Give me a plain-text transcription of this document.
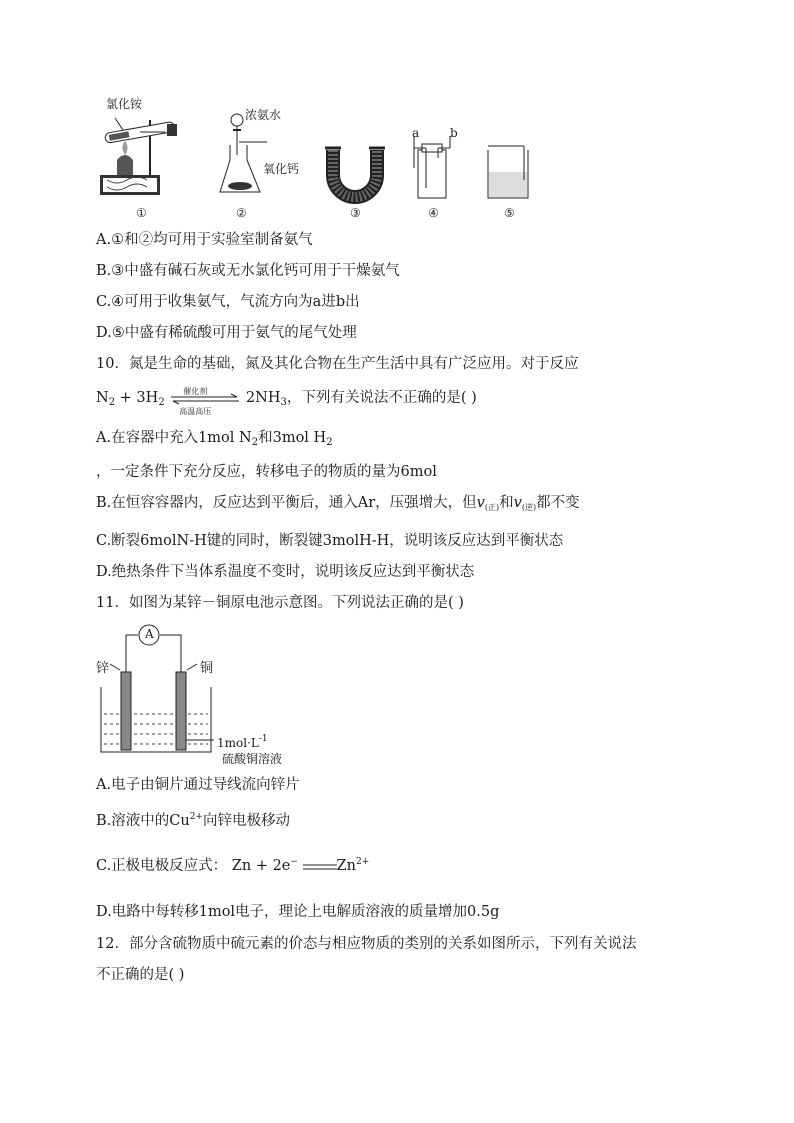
氯化铵
浓氨水
氧化钙
a	b
①	②	③	④	⑤
A.①和②均可用于实验室制备氨气
B.③中盛有碱石灰或无水氯化钙可用于干燥氨气
C.④可用于收集氨气，气流方向为a进b出
D.⑤中盛有稀硫酸可用于氨气的尾气处理
10．氮是生命的基础，氮及其化合物在生产生活中具有广泛应用。对于反应
$N_2 + 3H_2$
催化剂
高温高压
$2NH_3$，下列有关说法不正确的是( )
A.在容器中充入1mol $N_2$和3mol $H_2$
，一定条件下充分反应，转移电子的物质的量为6mol
B.在恒容容器内，反应达到平衡后，通入Ar，压强增大，但$v_{(正)}$和$v_{(逆)}$都不变
C.断裂6molN-H键的同时，断裂键3molH-H，说明该反应达到平衡状态
D.绝热条件下当体系温度不变时，说明该反应达到平衡状态
11．如图为某锌－铜原电池示意图。下列说法正确的是( )
A
锌	铜
$1mol\cdot L^{-1}$
硫酸铜溶液
A.电子由铜片通过导线流向锌片
B.溶液中的$Cu^{2+}$向锌电极移动
C.正极电极反应式： Zn + 2e−	$Zn^{2+}$
D.电路中每转移1mol电子，理论上电解质溶液的质量增加0.5g
12．部分含硫物质中硫元素的价态与相应物质的类别的关系如图所示，下列有关说法
不正确的是( )
